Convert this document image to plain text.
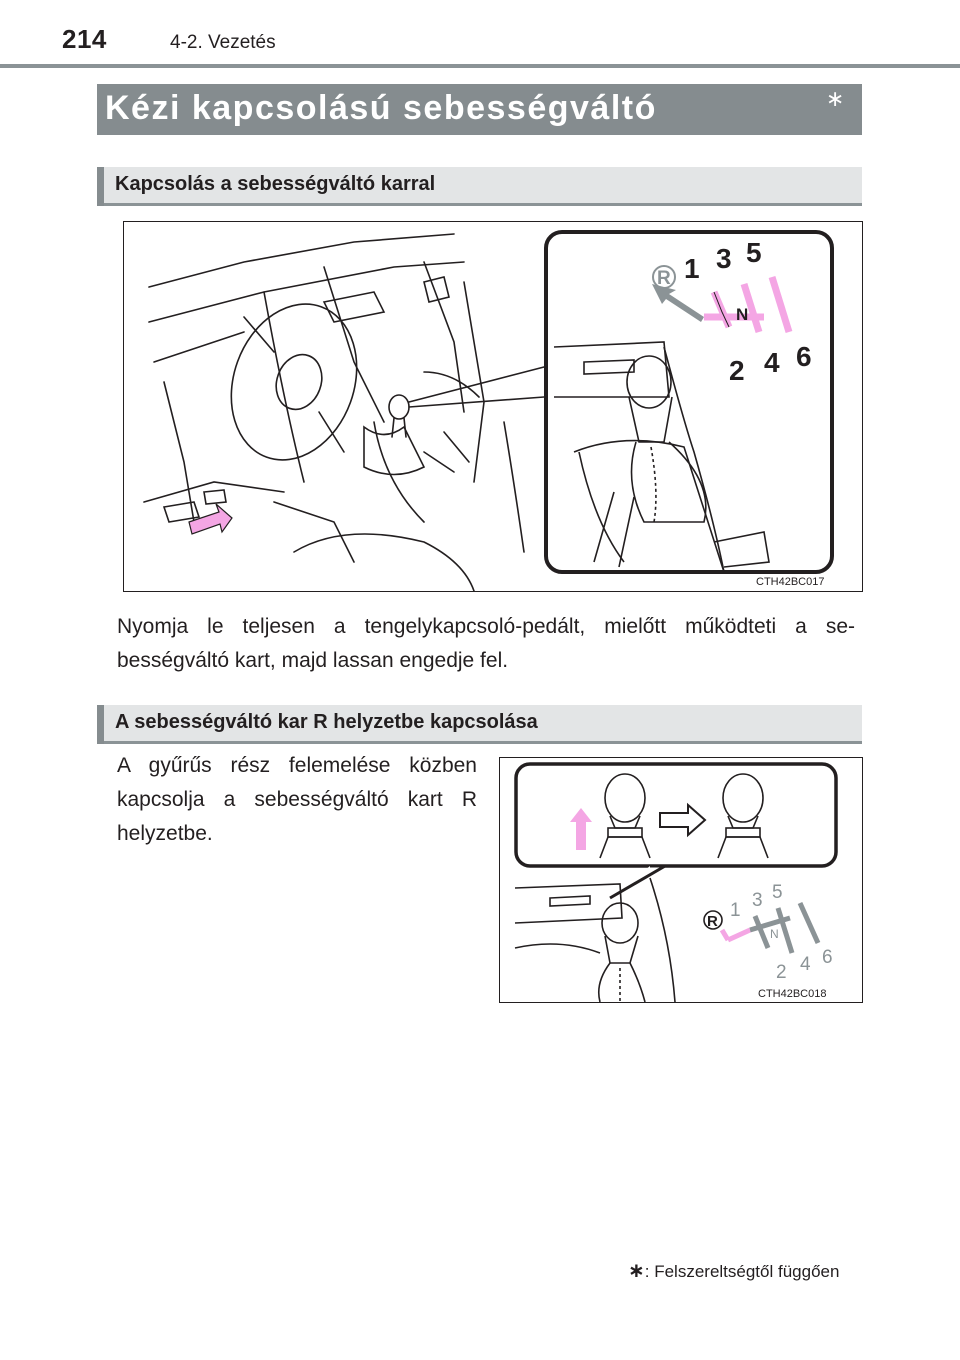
214	4-2. Vezetés
Kézi kapcsolású sebességváltó	∗
Kapcsolás a sebességváltó karral
R 1 3 5
N
2 4 6
CTH42BC017
Nyomja le teljesen a tengelykapcsoló-pedált, mielőtt működteti a se-bességváltó kart, majd lassan engedje fel.
A sebességváltó kar R helyzetbe kapcsolása
A gyűrűs rész felemelése közben kapcsolja a sebességváltó kart R helyzetbe.
R
1 3 5
N
2 4 6
CTH42BC018
∗: Felszereltségtől függően
